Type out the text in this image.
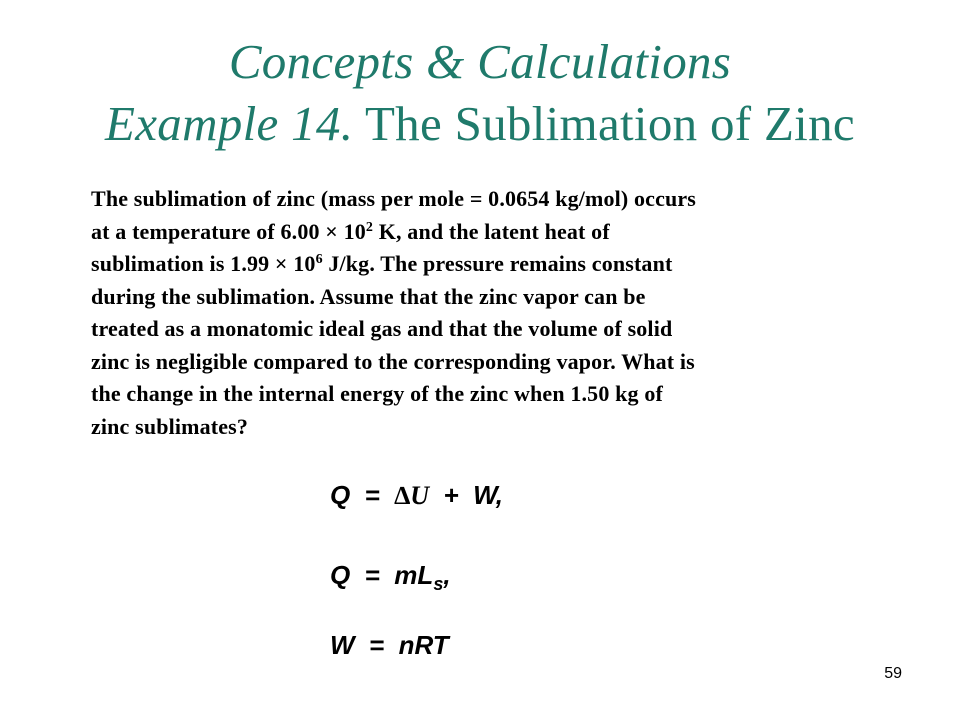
Concepts & Calculations
Example 14. The Sublimation of Zinc
The sublimation of zinc (mass per mole = 0.0654 kg/mol) occurs
at a temperature of $6.00 \times 10^2$ K, and the latent heat of
sublimation is $1.99 \times 10^6$ J/kg. The pressure remains constant
during the sublimation. Assume that the zinc vapor can be
treated as a monatomic ideal gas and that the volume of solid
zinc is negligible compared to the corresponding vapor. What is
the change in the internal energy of the zinc when 1.50 kg of
zinc sublimates?
Q  =  ∆U  +  W,
$Q = mL_s$,
W  =  nRT
59
